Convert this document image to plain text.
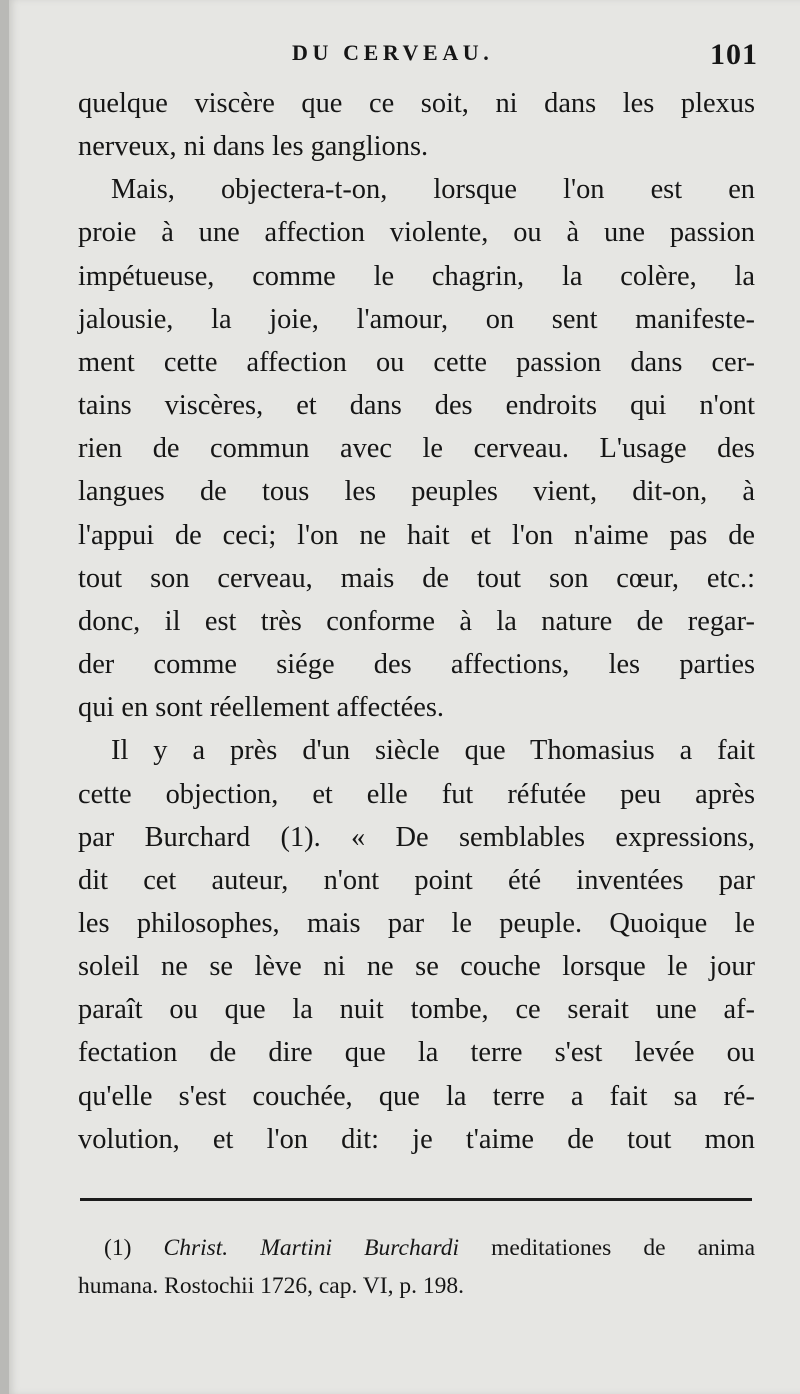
DU CERVEAU.	101
quelque viscère que ce soit, ni dans les plexus
nerveux, ni dans les ganglions.
Mais, objectera-t-on, lorsque l'on est en
proie à une affection violente, ou à une passion
impétueuse, comme le chagrin, la colère, la
jalousie, la joie, l'amour, on sent manifeste-
ment cette affection ou cette passion dans cer-
tains viscères, et dans des endroits qui n'ont
rien de commun avec le cerveau. L'usage des
langues de tous les peuples vient, dit-on, à
l'appui de ceci; l'on ne hait et l'on n'aime pas de
tout son cerveau, mais de tout son cœur, etc.:
donc, il est très conforme à la nature de regar-
der comme siége des affections, les parties
qui en sont réellement affectées.
Il y a près d'un siècle que Thomasius a fait
cette objection, et elle fut réfutée peu après
par Burchard (1). « De semblables expressions,
dit cet auteur, n'ont point été inventées par
les philosophes, mais par le peuple. Quoique le
soleil ne se lève ni ne se couche lorsque le jour
paraît ou que la nuit tombe, ce serait une af-
fectation de dire que la terre s'est levée ou
qu'elle s'est couchée, que la terre a fait sa ré-
volution, et l'on dit: je t'aime de tout mon
(1) Christ. Martini Burchardi meditationes de anima
humana. Rostochii 1726, cap. VI, p. 198.
